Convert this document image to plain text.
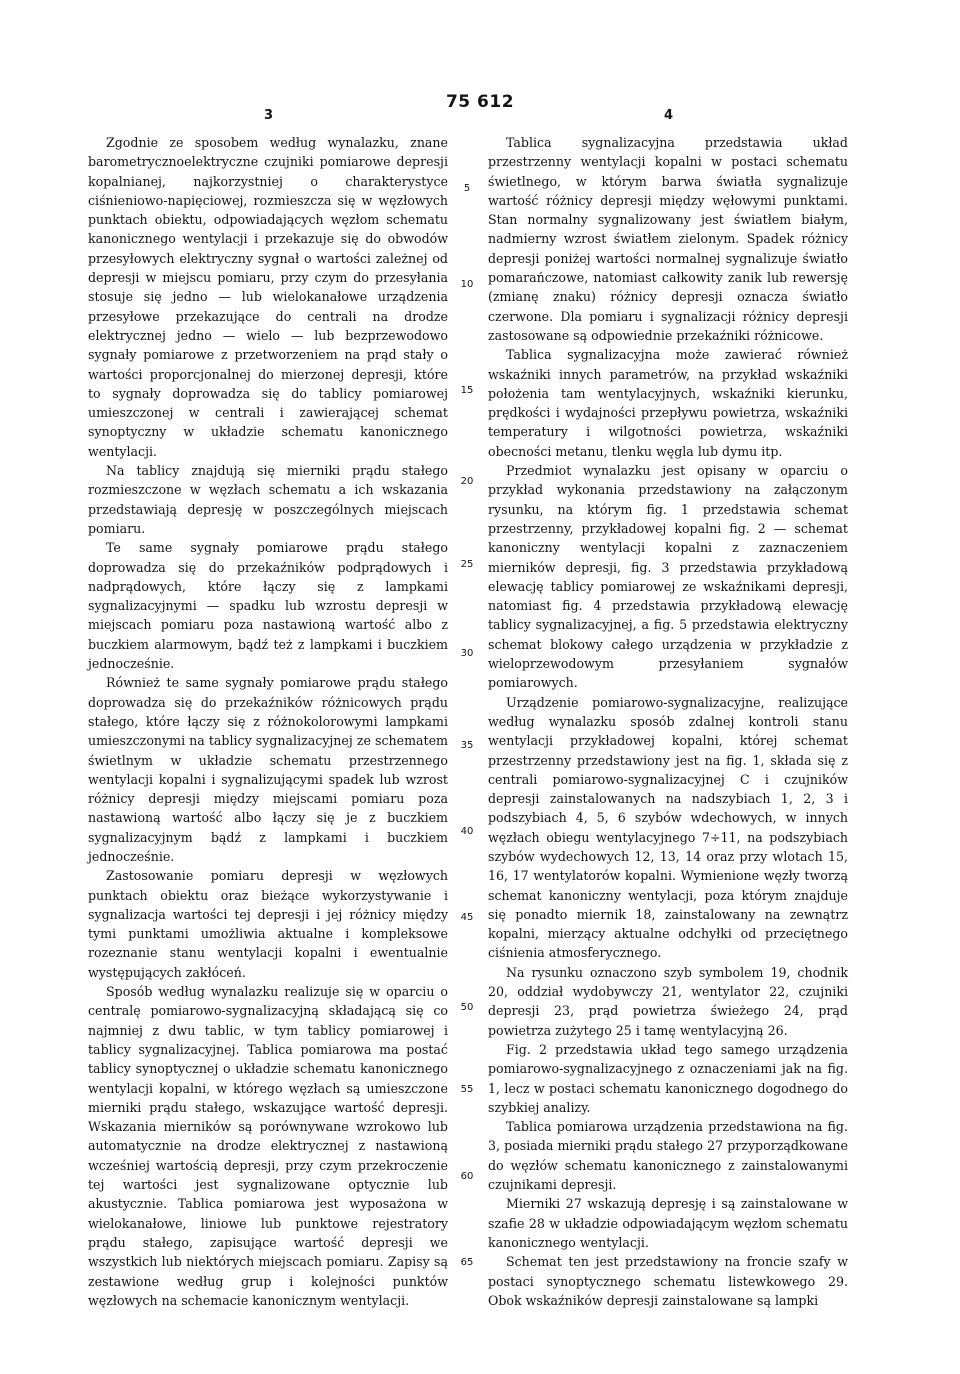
75 612
3	4

Zgodnie ze sposobem według wynalazku, znane barometrycznoelektryczne czujniki pomiarowe depresji kopalnianej, najkorzystniej o charakterystyce ciśnieniowo-napięciowej, rozmieszcza się w węzłowych punktach obiektu, odpowiadających węzłom schematu kanonicznego wentylacji i przekazuje się do obwodów przesyłowych elektryczny sygnał o wartości zależnej od depresji w miejscu pomiaru, przy czym do przesyłania stosuje się jedno — lub wielokanałowe urządzenia przesyłowe przekazujące do centrali na drodze elektrycznej jedno — wielo — lub bezprzewodowo sygnały pomiarowe z przetworzeniem na prąd stały o wartości proporcjonalnej do mierzonej depresji, które to sygnały doprowadza się do tablicy pomiarowej umieszczonej w centrali i zawierającej schemat synoptyczny w układzie schematu kanonicznego wentylacji.

Na tablicy znajdują się mierniki prądu stałego rozmieszczone w węzłach schematu a ich wskazania przedstawiają depresję w poszczególnych miejscach pomiaru.

Te same sygnały pomiarowe prądu stałego doprowadza się do przekaźników podprądowych i nadprądowych, które łączy się z lampkami sygnalizacyjnymi — spadku lub wzrostu depresji w miejscach pomiaru poza nastawioną wartość albo z buczkiem alarmowym, bądź też z lampkami i buczkiem jednocześnie.

Również te same sygnały pomiarowe prądu stałego doprowadza się do przekaźników różnicowych prądu stałego, które łączy się z różnokolorowymi lampkami umieszczonymi na tablicy sygnalizacyjnej ze schematem świetlnym w układzie schematu przestrzennego wentylacji kopalni i sygnalizującymi spadek lub wzrost różnicy depresji między miejscami pomiaru poza nastawioną wartość albo łączy się je z buczkiem sygnalizacyjnym bądź z lampkami i buczkiem jednocześnie.

Zastosowanie pomiaru depresji w węzłowych punktach obiektu oraz bieżące wykorzystywanie i sygnalizacja wartości tej depresji i jej różnicy między tymi punktami umożliwia aktualne i kompleksowe rozeznanie stanu wentylacji kopalni i ewentualnie występujących zakłóceń.

Sposób według wynalazku realizuje się w oparciu o centralę pomiarowo-sygnalizacyjną składającą się co najmniej z dwu tablic, w tym tablicy pomiarowej i tablicy sygnalizacyjnej. Tablica pomiarowa ma postać tablicy synoptycznej o układzie schematu kanonicznego wentylacji kopalni, w którego węzłach są umieszczone mierniki prądu stałego, wskazujące wartość depresji. Wskazania mierników są porównywane wzrokowo lub automatycznie na drodze elektrycznej z nastawioną wcześniej wartością depresji, przy czym przekroczenie tej wartości jest sygnalizowane optycznie lub akustycznie. Tablica pomiarowa jest wyposażona w wielokanałowe, liniowe lub punktowe rejestratory prądu stałego, zapisujące wartość depresji we wszystkich lub niektórych miejscach pomiaru. Zapisy są zestawione według grup i kolejności punktów węzłowych na schemacie kanonicznym wentylacji.

5
10
15
20
25
30
35
40
45
50
55
60
65

Tablica sygnalizacyjna przedstawia układ przestrzenny wentylacji kopalni w postaci schematu świetlnego, w którym barwa światła sygnalizuje wartość różnicy depresji między węłowymi punktami. Stan normalny sygnalizowany jest światłem białym, nadmierny wzrost światłem zielonym. Spadek różnicy depresji poniżej wartości normalnej sygnalizuje światło pomarańczowe, natomiast całkowity zanik lub rewersję (zmianę znaku) różnicy depresji oznacza światło czerwone. Dla pomiaru i sygnalizacji różnicy depresji zastosowane są odpowiednie przekaźniki różnicowe.

Tablica sygnalizacyjna może zawierać również wskaźniki innych parametrów, na przykład wskaźniki położenia tam wentylacyjnych, wskaźniki kierunku, prędkości i wydajności przepływu powietrza, wskaźniki temperatury i wilgotności powietrza, wskaźniki obecności metanu, tlenku węgla lub dymu itp.

Przedmiot wynalazku jest opisany w oparciu o przykład wykonania przedstawiony na załączonym rysunku, na którym fig. 1 przedstawia schemat przestrzenny, przykładowej kopalni fig. 2 — schemat kanoniczny wentylacji kopalni z zaznaczeniem mierników depresji, fig. 3 przedstawia przykładową elewację tablicy pomiarowej ze wskaźnikami depresji, natomiast fig. 4 przedstawia przykładową elewację tablicy sygnalizacyjnej, a fig. 5 przedstawia elektryczny schemat blokowy całego urządzenia w przykładzie z wieloprzewodowym przesyłaniem sygnałów pomiarowych.

Urządzenie pomiarowo-sygnalizacyjne, realizujące według wynalazku sposób zdalnej kontroli stanu wentylacji przykładowej kopalni, której schemat przestrzenny przedstawiony jest na fig. 1, składa się z centrali pomiarowo-sygnalizacyjnej C i czujników depresji zainstalowanych na nadszybiach 1, 2, 3 i podszybiach 4, 5, 6 szybów wdechowych, w innych węzłach obiegu wentylacyjnego 7÷11, na podszybiach szybów wydechowych 12, 13, 14 oraz przy wlotach 15, 16, 17 wentylatorów kopalni. Wymienione węzły tworzą schemat kanoniczny wentylacji, poza którym znajduje się ponadto miernik 18, zainstalowany na zewnątrz kopalni, mierzący aktualne odchyłki od przeciętnego ciśnienia atmosferycznego.

Na rysunku oznaczono szyb symbolem 19, chodnik 20, oddział wydobywczy 21, wentylator 22, czujniki depresji 23, prąd powietrza świeżego 24, prąd powietrza zużytego 25 i tamę wentylacyjną 26.

Fig. 2 przedstawia układ tego samego urządzenia pomiarowo-sygnalizacyjnego z oznaczeniami jak na fig. 1, lecz w postaci schematu kanonicznego dogodnego do szybkiej analizy.

Tablica pomiarowa urządzenia przedstawiona na fig. 3, posiada mierniki prądu stałego 27 przyporządkowane do węzłów schematu kanonicznego z zainstalowanymi czujnikami depresji.

Mierniki 27 wskazują depresję i są zainstalowane w szafie 28 w układzie odpowiadającym węzłom schematu kanonicznego wentylacji.

Schemat ten jest przedstawiony na froncie szafy w postaci synoptycznego schematu listewkowego 29. Obok wskaźników depresji zainstalowane są lampki
